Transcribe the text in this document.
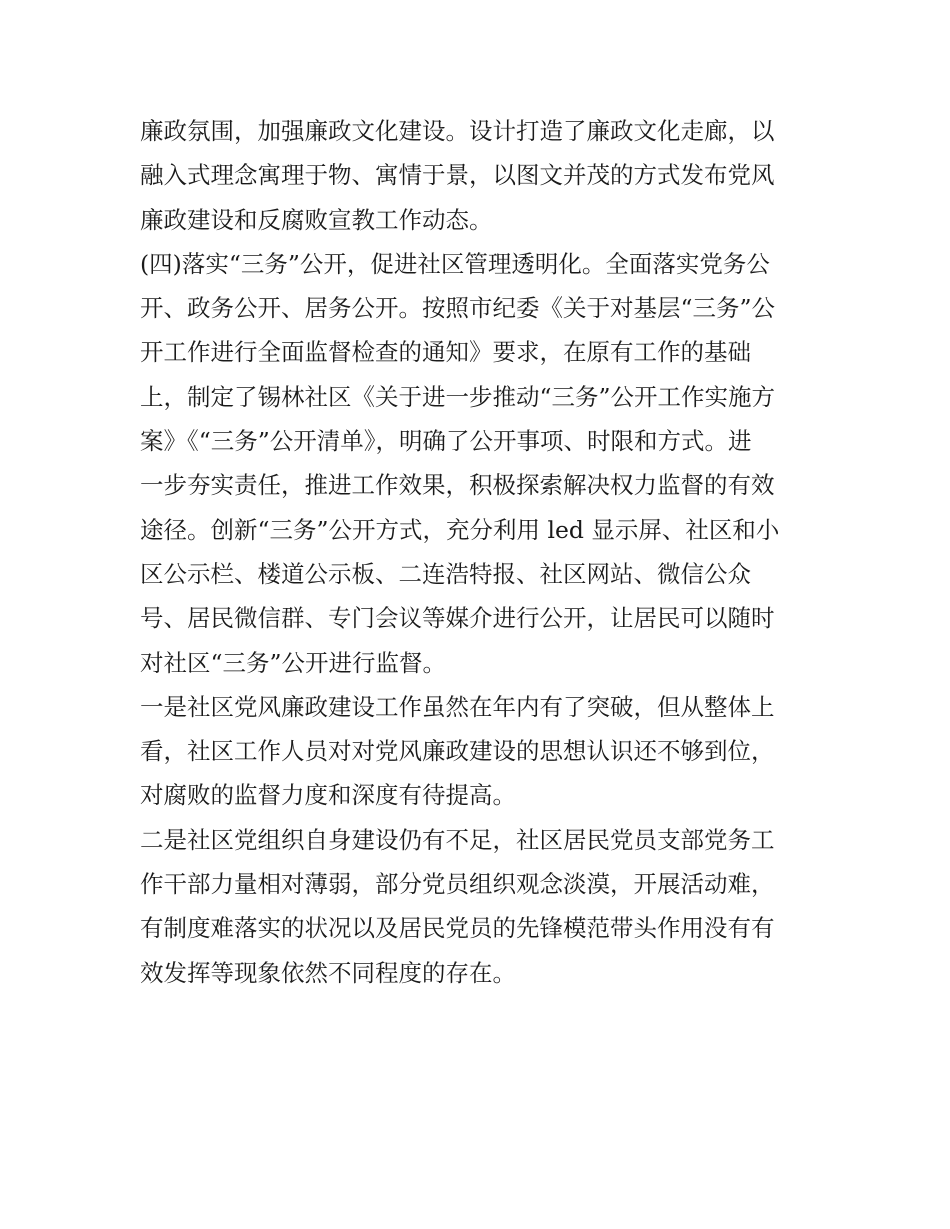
廉政氛围，加强廉政文化建设。设计打造了廉政文化走廊，以
融入式理念寓理于物、寓情于景，以图文并茂的方式发布党风
廉政建设和反腐败宣教工作动态。
(四)落实“三务”公开，促进社区管理透明化。全面落实党务公
开、政务公开、居务公开。按照市纪委《关于对基层“三务”公
开工作进行全面监督检查的通知》要求，在原有工作的基础
上，制定了锡林社区《关于进一步推动“三务”公开工作实施方
案》《“三务”公开清单》，明确了公开事项、时限和方式。进
一步夯实责任，推进工作效果，积极探索解决权力监督的有效
途径。创新“三务”公开方式，充分利用 led 显示屏、社区和小
区公示栏、楼道公示板、二连浩特报、社区网站、微信公众
号、居民微信群、专门会议等媒介进行公开，让居民可以随时
对社区“三务”公开进行监督。
一是社区党风廉政建设工作虽然在年内有了突破，但从整体上
看，社区工作人员对对党风廉政建设的思想认识还不够到位，
对腐败的监督力度和深度有待提高。
二是社区党组织自身建设仍有不足，社区居民党员支部党务工
作干部力量相对薄弱，部分党员组织观念淡漠，开展活动难，
有制度难落实的状况以及居民党员的先锋模范带头作用没有有
效发挥等现象依然不同程度的存在。
